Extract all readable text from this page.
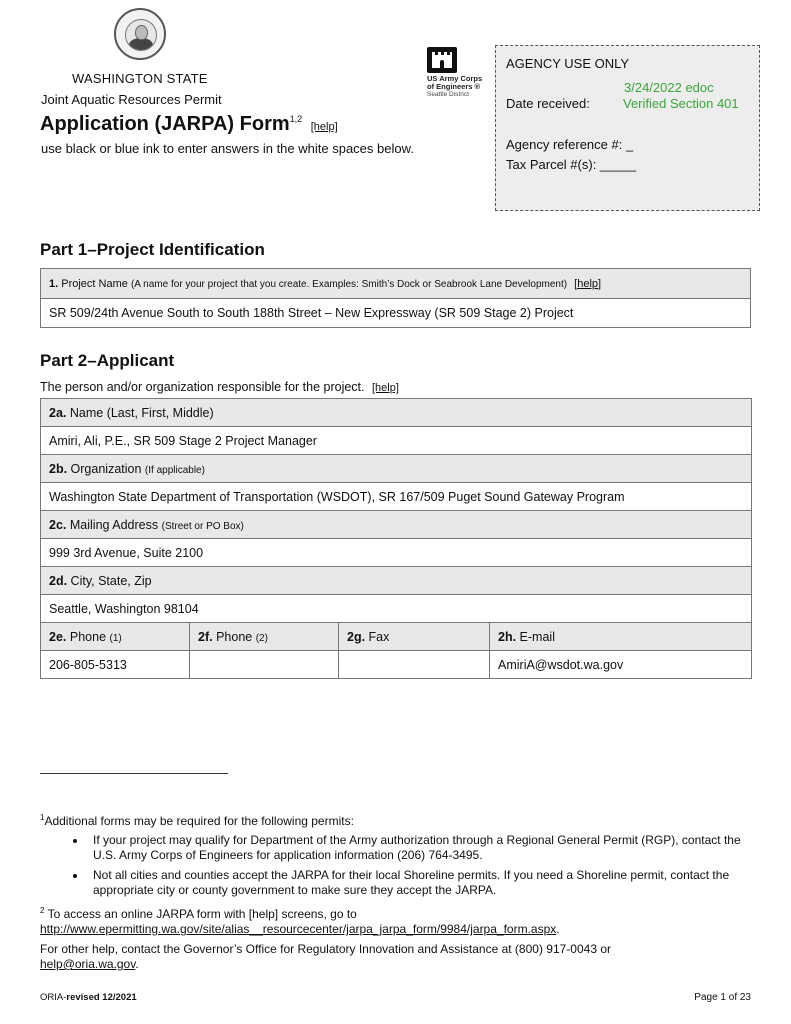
WASHINGTON STATE
Joint Aquatic Resources Permit
Application (JARPA) Form$^{1,2}$ [help]
use black or blue ink to enter answers in the white spaces below.
US Army Corps
of Engineers ®
Seattle District
AGENCY USE ONLY
3/24/2022 edoc
Date received:	Verified Section 401
Agency reference #: _
Tax Parcel #(s): _____
Part 1–Project Identification
1. Project Name (A name for your project that you create. Examples: Smith’s Dock or Seabrook Lane Development) [help]
SR 509/24th Avenue South to South 188th Street – New Expressway (SR 509 Stage 2) Project
Part 2–Applicant
The person and/or organization responsible for the project. [help]
2a. Name (Last, First, Middle)			
Amiri, Ali, P.E., SR 509 Stage 2 Project Manager			
2b. Organization (If applicable)			
Washington State Department of Transportation (WSDOT), SR 167/509 Puget Sound Gateway Program			
2c. Mailing Address (Street or PO Box)			
999 3rd Avenue, Suite 2100			
2d. City, State, Zip			
Seattle, Washington 98104			
2e. Phone (1)	2f. Phone (2)	2g. Fax	2h. E-mail
206-805-5313			AmiriA@wsdot.wa.gov

$^1$Additional forms may be required for the following permits:

• If your project may qualify for Department of the Army authorization through a Regional General Permit (RGP), contact the U.S. Army Corps of Engineers for application information (206) 764-3495.
• Not all cities and counties accept the JARPA for their local Shoreline permits. If you need a Shoreline permit, contact the appropriate city or county government to make sure they accept the JARPA.

$^2$ To access an online JARPA form with [help] screens, go to
http://www.epermitting.wa.gov/site/alias__resourcecenter/jarpa_jarpa_form/9984/jarpa_form.aspx.

For other help, contact the Governor’s Office for Regulatory Innovation and Assistance at (800) 917-0043 or
help@oria.wa.gov.

ORIA-revised 12/2021	Page 1 of 23
